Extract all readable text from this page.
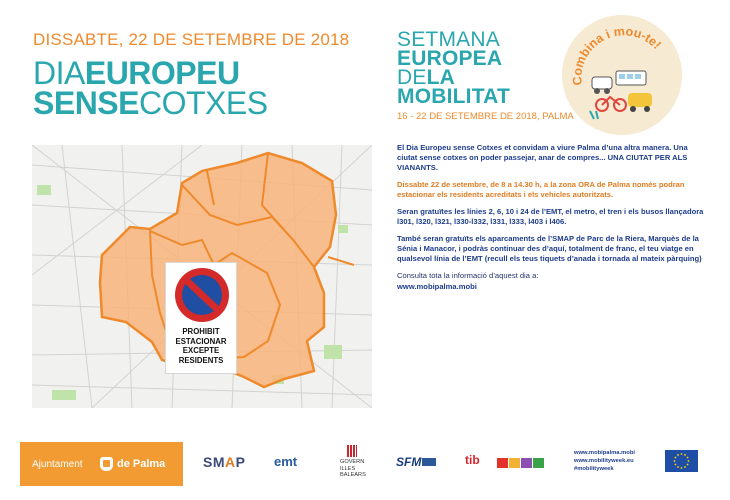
DISSABTE, 22 DE SETEMBRE DE 2018
DIAEUROPEU
SENSECOTXES
SETMANA
EUROPEA
DELA
MOBILITAT
16 - 22 DE SETEMBRE DE 2018, PALMA
Combina i mou-te!
PROHIBIT
ESTACIONAR
EXCEPTE
RESIDENTS

El Dia Europeu sense Cotxes et convidam a viure Palma d’una altra manera. Una ciutat sense cotxes on poder passejar, anar de compres... UNA CIUTAT PER ALS VIANANTS.

Dissabte 22 de setembre, de 8 a 14.30 h, a la zona ORA de Palma només podran estacionar els residents acreditats i els vehicles autoritzats.

Seran gratuïtes les línies 2, 6, 10 i 24 de l’EMT, el metro, el tren i els busos llançadora l301, l320, l321, l330-l332, l331, l333, l403 i l406.

També seran gratuïts els aparcaments de l’SMAP de Parc de la Riera, Marquès de la Sénia i Manacor, i podràs continuar des d’aquí, totalment de franc, el teu viatge en qualsevol línia de l’EMT (recull els teus tiquets d’anada i tornada al mateix pàrquing)

Consulta tota la informació d’aquest dia a:

www.mobipalma.mobi

Ajuntament	de Palma	SMAP emt	GOVERN
ILLES
BALEARS
SFM	tib	www.mobipalma.mobi
www.mobilityweek.eu
#mobilityweek
